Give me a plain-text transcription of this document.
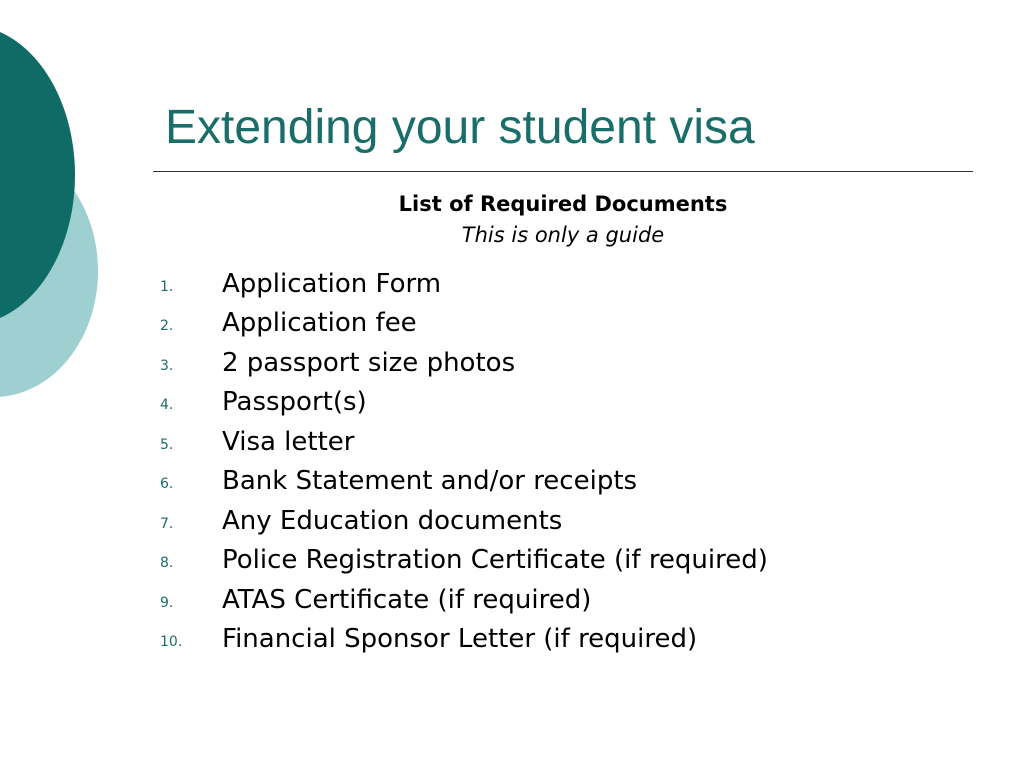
Extending your student visa
List of Required Documents
This is only a guide
1.	Application Form
2.	Application fee
3.	2 passport size photos
4.	Passport(s)
5.	Visa letter
6.	Bank Statement and/or receipts
7.	Any Education documents
8.	Police Registration Certificate (if required)
9.	ATAS Certificate (if required)
10.	Financial Sponsor Letter (if required)
